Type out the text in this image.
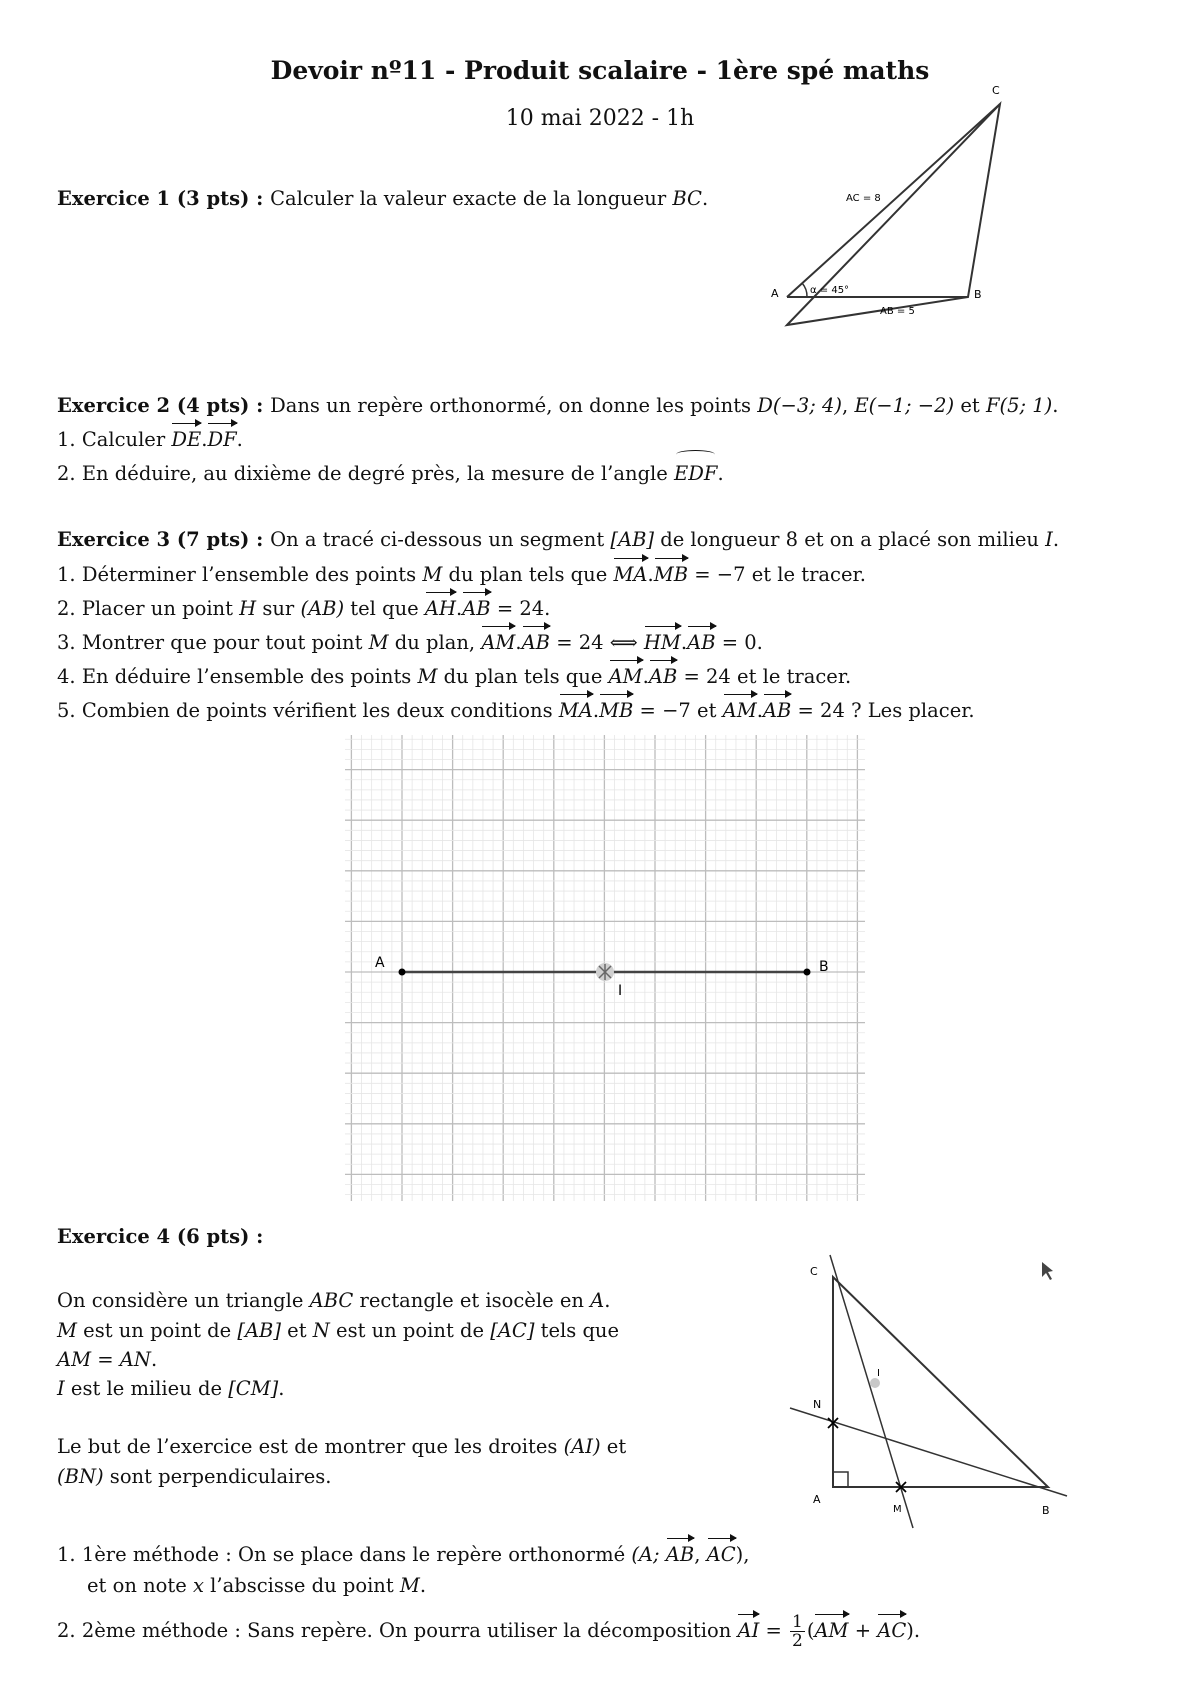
Devoir nº11 - Produit scalaire - 1ère spé maths
10 mai 2022 - 1h
Exercice 1 (3 pts) : Calculer la valeur exacte de la longueur BC.
A	B
C
AC = 8
AB = 5
α = 45°
Exercice 2 (4 pts) : Dans un repère orthonormé, on donne les points D(−3; 4), E(−1; −2) et F(5; 1).
1. Calculer DE.DF.
2. En déduire, au dixième de degré près, la mesure de l’angle EDF.
Exercice 3 (7 pts) : On a tracé ci-dessous un segment [AB] de longueur 8 et on a placé son milieu I.
1. Déterminer l’ensemble des points M du plan tels que MA.MB = −7 et le tracer.
2. Placer un point H sur (AB) tel que AH.AB = 24.
3. Montrer que pour tout point M du plan, AM.AB = 24 ⟺ HM.AB = 0.
4. En déduire l’ensemble des points M du plan tels que AM.AB = 24 et le tracer.
5. Combien de points vérifient les deux conditions MA.MB = −7 et AM.AB = 24 ? Les placer.
A	B
I
Exercice 4 (6 pts) :
On considère un triangle ABC rectangle et isocèle en A.
M est un point de [AB] et N est un point de [AC] tels que
AM = AN.
I est le milieu de [CM].
Le but de l’exercice est de montrer que les droites (AI) et
(BN) sont perpendiculaires.
1. 1ère méthode : On se place dans le repère orthonormé (A; AB, AC),
et on note x l’abscisse du point M.
2. 2ème méthode : Sans repère. On pourra utiliser la décomposition AI = $\frac{1}{2} (AM + AC)$.
C
N
A
M	B
I
